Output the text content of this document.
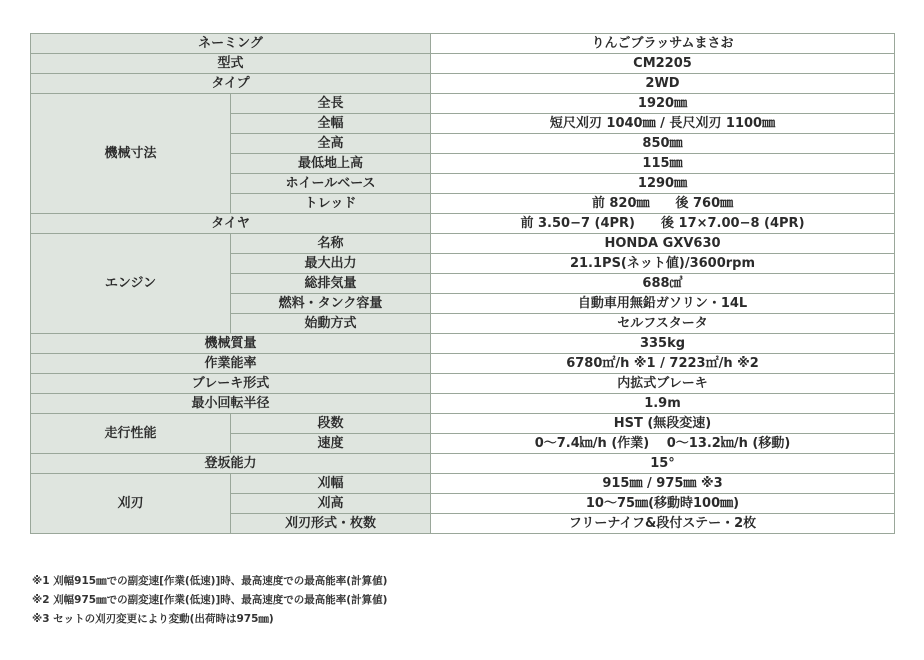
ネーミング		りんごブラッサムまさお
型式		CM2205
タイプ		2WD
機械寸法	全長	1920㎜
	全幅	短尺刈刃 1040㎜ / 長尺刈刃 1100㎜
	全高	850㎜
	最低地上高	115㎜
	ホイールベース	1290㎜
	トレッド	前 820㎜　　後 760㎜
タイヤ		前 3.50−7 (4PR)　　後 17×7.00−8 (4PR)
エンジン	名称	HONDA GXV630
	最大出力	21.1PS(ネット値)/3600rpm
	総排気量	688㎤
	燃料・タンク容量	自動車用無鉛ガソリン・14L
	始動方式	セルフスタータ
機械質量		335kg
作業能率		6780㎡/h ※1 / 7223㎡/h ※2
ブレーキ形式		内拡式ブレーキ
最小回転半径		1.9m
走行性能	段数	HST (無段変速)
	速度	0〜7.4㎞/h (作業)　 0〜13.2㎞/h (移動)
登坂能力		15°
刈刃	刈幅	915㎜ / 975㎜ ※3
	刈高	10〜75㎜(移動時100㎜)
	刈刃形式・枚数	フリーナイフ&段付ステー・2枚
※1 刈幅915㎜での副変速[作業(低速)]時、最高速度での最高能率(計算値)
※2 刈幅975㎜での副変速[作業(低速)]時、最高速度での最高能率(計算値)
※3 セットの刈刃変更により変動(出荷時は975㎜)
